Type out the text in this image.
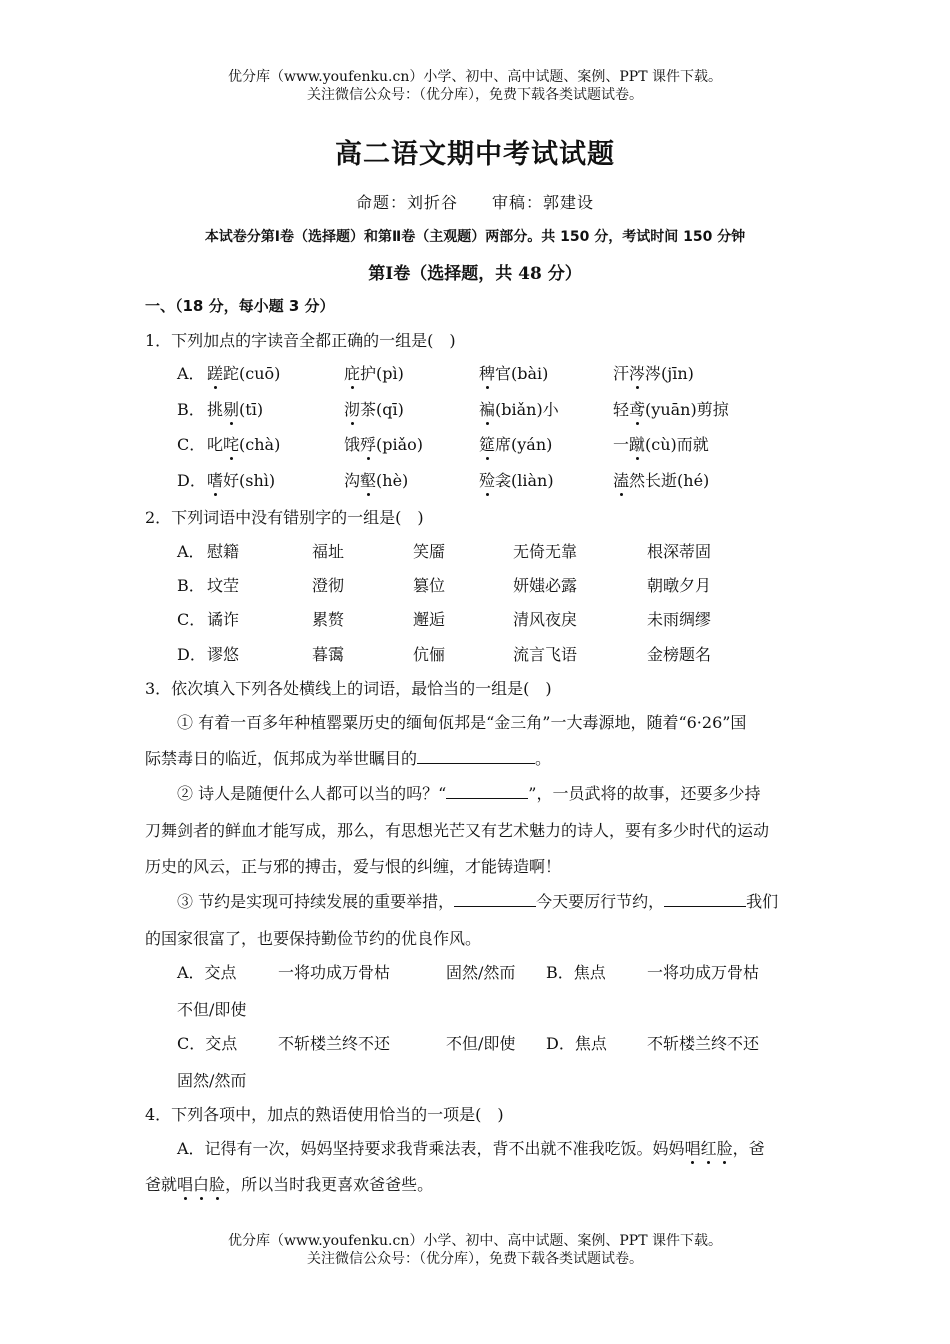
优分库（www.youfenku.cn）小学、初中、高中试题、案例、PPT 课件下载。
关注微信公众号：（优分库），免费下载各类试题试卷。
高二语文期中考试试题
命题：刘折谷　　审稿：郭建设
本试卷分第Ⅰ卷（选择题）和第Ⅱ卷（主观题）两部分。共 150 分，考试时间 150 分钟
第Ⅰ卷（选择题，共 48 分）
一、（18 分，每小题 3 分）
1．下列加点的字读音全都正确的一组是(　)
A． 蹉跎(cuō)	庇护(pì)	稗官(bài)	汗涔涔(jīn)
B． 挑剔(tī)	沏茶(qī)	褊(biǎn)小	轻鸢(yuān)剪掠
C． 叱咤(chà)	饿殍(piǎo)	筵席(yán)	一蹴(cù)而就
D． 嗜好(shì)	沟壑(hè)	殓衾(liàn)	溘然长逝(hé)
2．下列词语中没有错别字的一组是(　)
A． 慰籍	福址	笑靥	无倚无靠	根深蒂固
B． 坟茔	澄彻	篡位	妍媸必露	朝暾夕月
C． 谲诈	累赘	邂逅	清风夜戾	未雨绸缪
D． 谬悠	暮霭	伉俪	流言飞语	金榜题名
3．依次填入下列各处横线上的词语，最恰当的一组是(　)
① 有着一百多年种植罂粟历史的缅甸佤邦是“金三角”一大毒源地，随着“6·26”国
际禁毒日的临近，佤邦成为举世瞩目的	。
② 诗人是随便什么人都可以当的吗？“	”，一员武将的故事，还要多少持
刀舞剑者的鲜血才能写成，那么，有思想光芒又有艺术魅力的诗人，要有多少时代的运动
历史的风云，正与邪的搏击，爱与恨的纠缠，才能铸造啊！
③ 节约是实现可持续发展的重要举措，	今天要厉行节约，	我们
的国家很富了，也要保持勤俭节约的优良作风。
A．交点	一将功成万骨枯	固然/然而 B．焦点	一将功成万骨枯
不但/即使
C．交点	不斩楼兰终不还	不但/即使 D．焦点	不斩楼兰终不还
固然/然而
4．下列各项中，加点的熟语使用恰当的一项是(　)
A．记得有一次，妈妈坚持要求我背乘法表，背不出就不准我吃饭。妈妈唱红脸，爸
爸就唱白脸，所以当时我更喜欢爸爸些。
优分库（www.youfenku.cn）小学、初中、高中试题、案例、PPT 课件下载。
关注微信公众号：（优分库），免费下载各类试题试卷。
